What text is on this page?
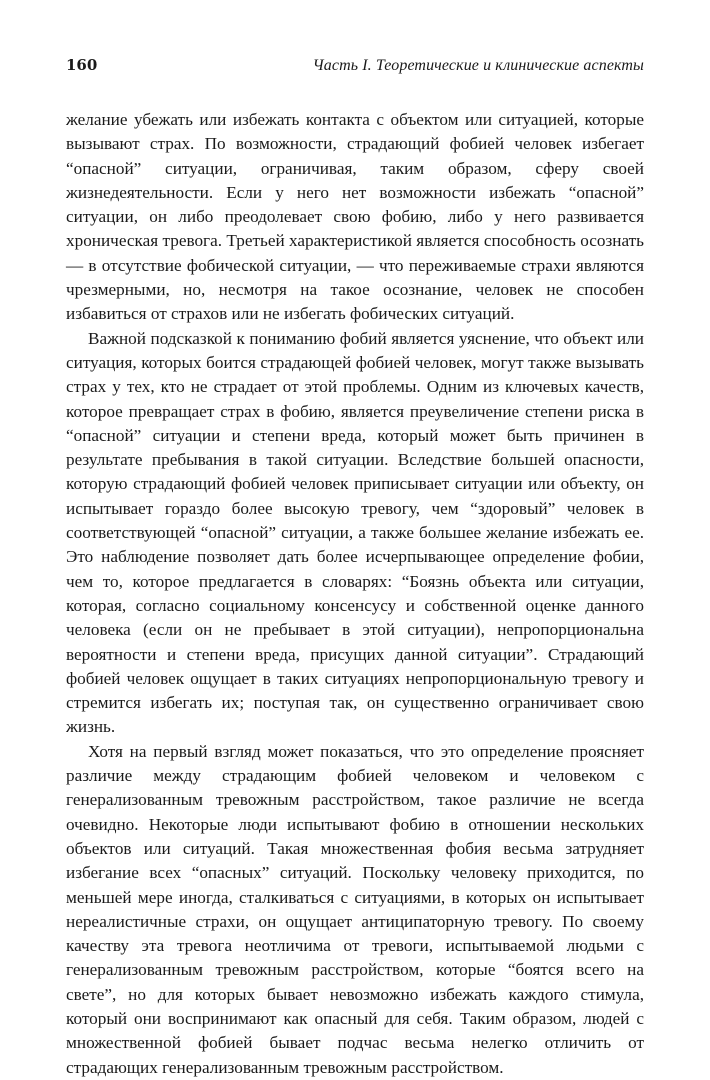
160	Часть I. Теоретические и клинические аспекты

желание убежать или избежать контакта с объектом или ситуацией, которые вызывают страх. По возможности, страдающий фобией человек избегает “опасной” ситуации, ограничивая, таким образом, сферу своей жизнедеятельности. Если у него нет возможности избежать “опасной” ситуации, он либо преодолевает свою фобию, либо у него развивается хроническая тревога. Третьей характеристикой является способность осознать — в отсутствие фобической ситуации, — что переживаемые страхи являются чрезмерными, но, несмотря на такое осознание, человек не способен избавиться от страхов или не избегать фобических ситуаций.

Важной подсказкой к пониманию фобий является уяснение, что объект или ситуация, которых боится страдающей фобией человек, могут также вызывать страх у тех, кто не страдает от этой проблемы. Одним из ключевых качеств, которое превращает страх в фобию, является преувеличение степени риска в “опасной” ситуации и степени вреда, который может быть причинен в результате пребывания в такой ситуации. Вследствие большей опасности, которую страдающий фобией человек приписывает ситуации или объекту, он испытывает гораздо более высокую тревогу, чем “здоровый” человек в соответствующей “опасной” ситуации, а также большее желание избежать ее. Это наблюдение позволяет дать более исчерпывающее определение фобии, чем то, которое предлагается в словарях: “Боязнь объекта или ситуации, которая, согласно социальному консенсусу и собственной оценке данного человека (если он не пребывает в этой ситуации), непропорциональна вероятности и степени вреда, присущих данной ситуации”. Страдающий фобией человек ощущает в таких ситуациях непропорциональную тревогу и стремится избегать их; поступая так, он существенно ограничивает свою жизнь.

Хотя на первый взгляд может показаться, что это определение проясняет различие между страдающим фобией человеком и человеком с генерализованным тревожным расстройством, такое различие не всегда очевидно. Некоторые люди испытывают фобию в отношении нескольких объектов или ситуаций. Такая множественная фобия весьма затрудняет избегание всех “опасных” ситуаций. Поскольку человеку приходится, по меньшей мере иногда, сталкиваться с ситуациями, в которых он испытывает нереалистичные страхи, он ощущает антиципаторную тревогу. По своему качеству эта тревога неотличима от тревоги, испытываемой людьми с генерализованным тревожным расстройством, которые “боятся всего на свете”, но для которых бывает невозможно избежать каждого стимула, который они воспринимают как опасный для себя. Таким образом, людей с множественной фобией бывает подчас весьма нелегко отличить от страдающих генерализованным тревожным расстройством.
